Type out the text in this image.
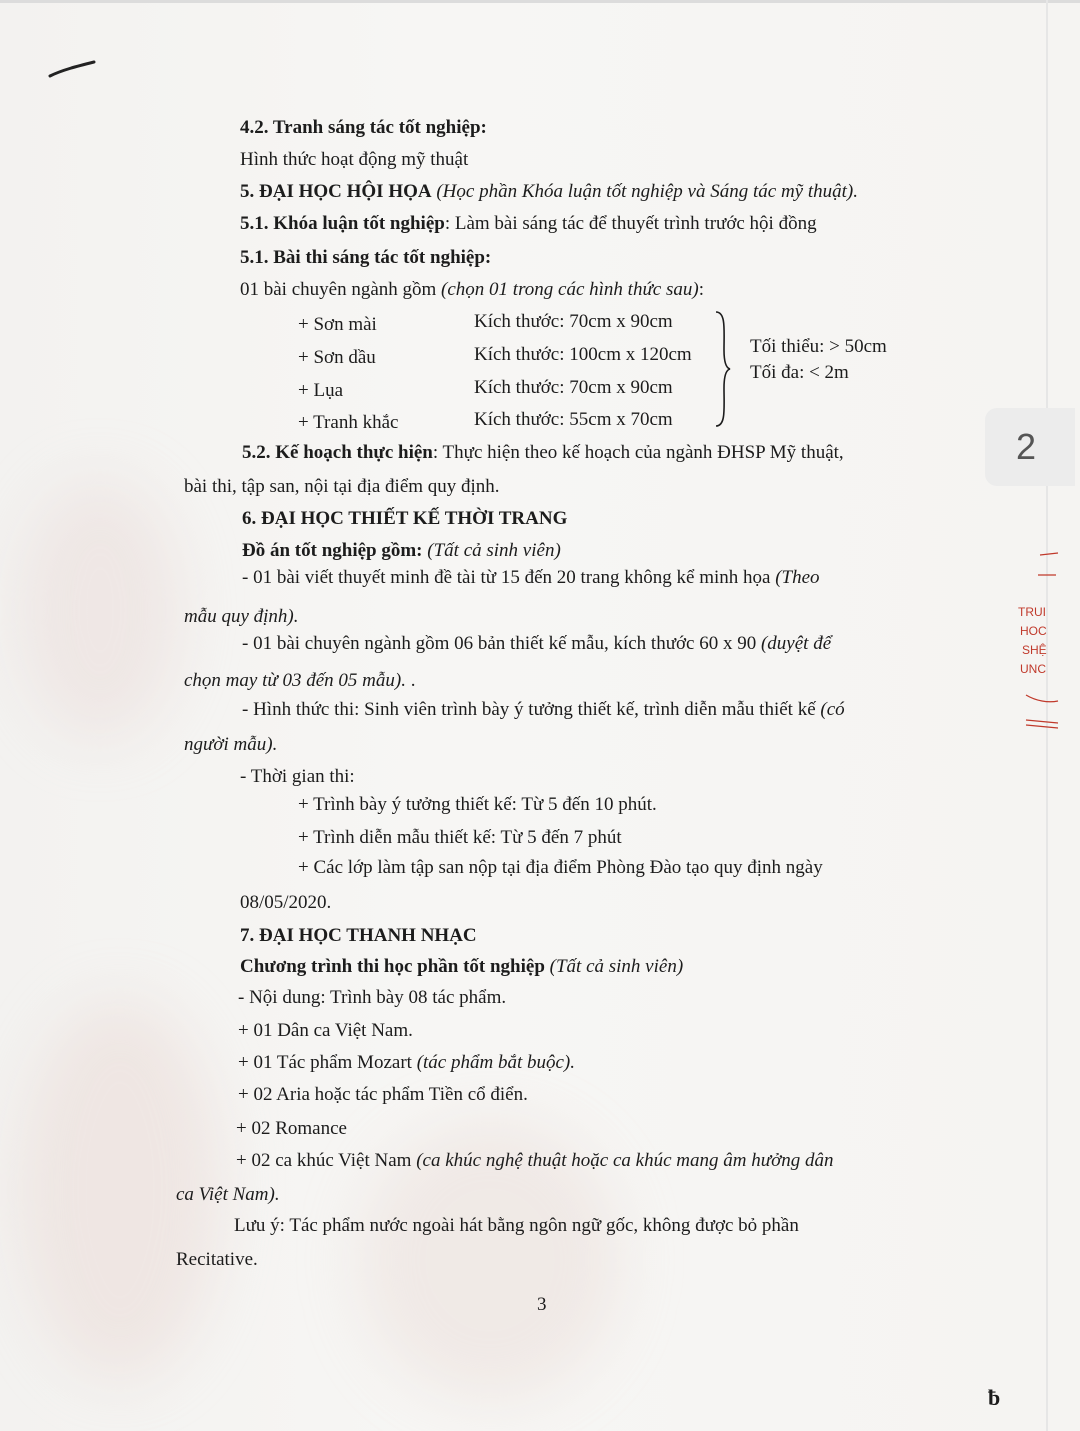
4.2. Tranh sáng tác tốt nghiệp:
Hình thức hoạt động mỹ thuật
5. ĐẠI HỌC HỘI HỌA (Học phần Khóa luận tốt nghiệp và Sáng tác mỹ thuật).
5.1. Khóa luận tốt nghiệp: Làm bài sáng tác để thuyết trình trước hội đồng
5.1. Bài thi sáng tác tốt nghiệp:
01 bài chuyên ngành gồm (chọn 01 trong các hình thức sau):
+ Sơn mài	Kích thước: 70cm x 90cm
+ Sơn dầu	Kích thước: 100cm x 120cm
+ Lụa	Kích thước: 70cm x 90cm
+ Tranh khắc	Kích thước: 55cm x 70cm
Tối thiểu: > 50cm
Tối đa: < 2m
5.2. Kế hoạch thực hiện: Thực hiện theo kế hoạch của ngành ĐHSP Mỹ thuật,
bài thi, tập san, nội tại địa điểm quy định.
6. ĐẠI HỌC THIẾT KẾ THỜI TRANG
Đồ án tốt nghiệp gồm: (Tất cả sinh viên)
- 01 bài viết thuyết minh đề tài từ 15 đến 20 trang không kể minh họa (Theo
mẫu quy định).
- 01 bài chuyên ngành gồm 06 bản thiết kế mẫu, kích thước 60 x 90 (duyệt để
chọn may từ 03 đến 05 mẫu). .
- Hình thức thi: Sinh viên trình bày ý tưởng thiết kế, trình diễn mẫu thiết kế (có
người mẫu).
- Thời gian thi:
+ Trình bày ý tưởng thiết kế: Từ 5 đến 10 phút.
+ Trình diễn mẫu thiết kế: Từ 5 đến 7 phút
+ Các lớp làm tập san nộp tại địa điểm Phòng Đào tạo quy định ngày
08/05/2020.
7. ĐẠI HỌC THANH NHẠC
Chương trình thi học phần tốt nghiệp (Tất cả sinh viên)
- Nội dung: Trình bày 08 tác phẩm.
+ 01 Dân ca Việt Nam.
+ 01 Tác phẩm Mozart (tác phẩm bắt buộc).
+ 02 Aria hoặc tác phẩm Tiền cổ điển.
+ 02 Romance
+ 02 ca khúc Việt Nam (ca khúc nghệ thuật hoặc ca khúc mang âm hưởng dân
ca Việt Nam).
Lưu ý: Tác phẩm nước ngoài hát bằng ngôn ngữ gốc, không được bỏ phần
Recitative.
3
ƀ
2
TRUI
HOC
SHỆ
UNC
